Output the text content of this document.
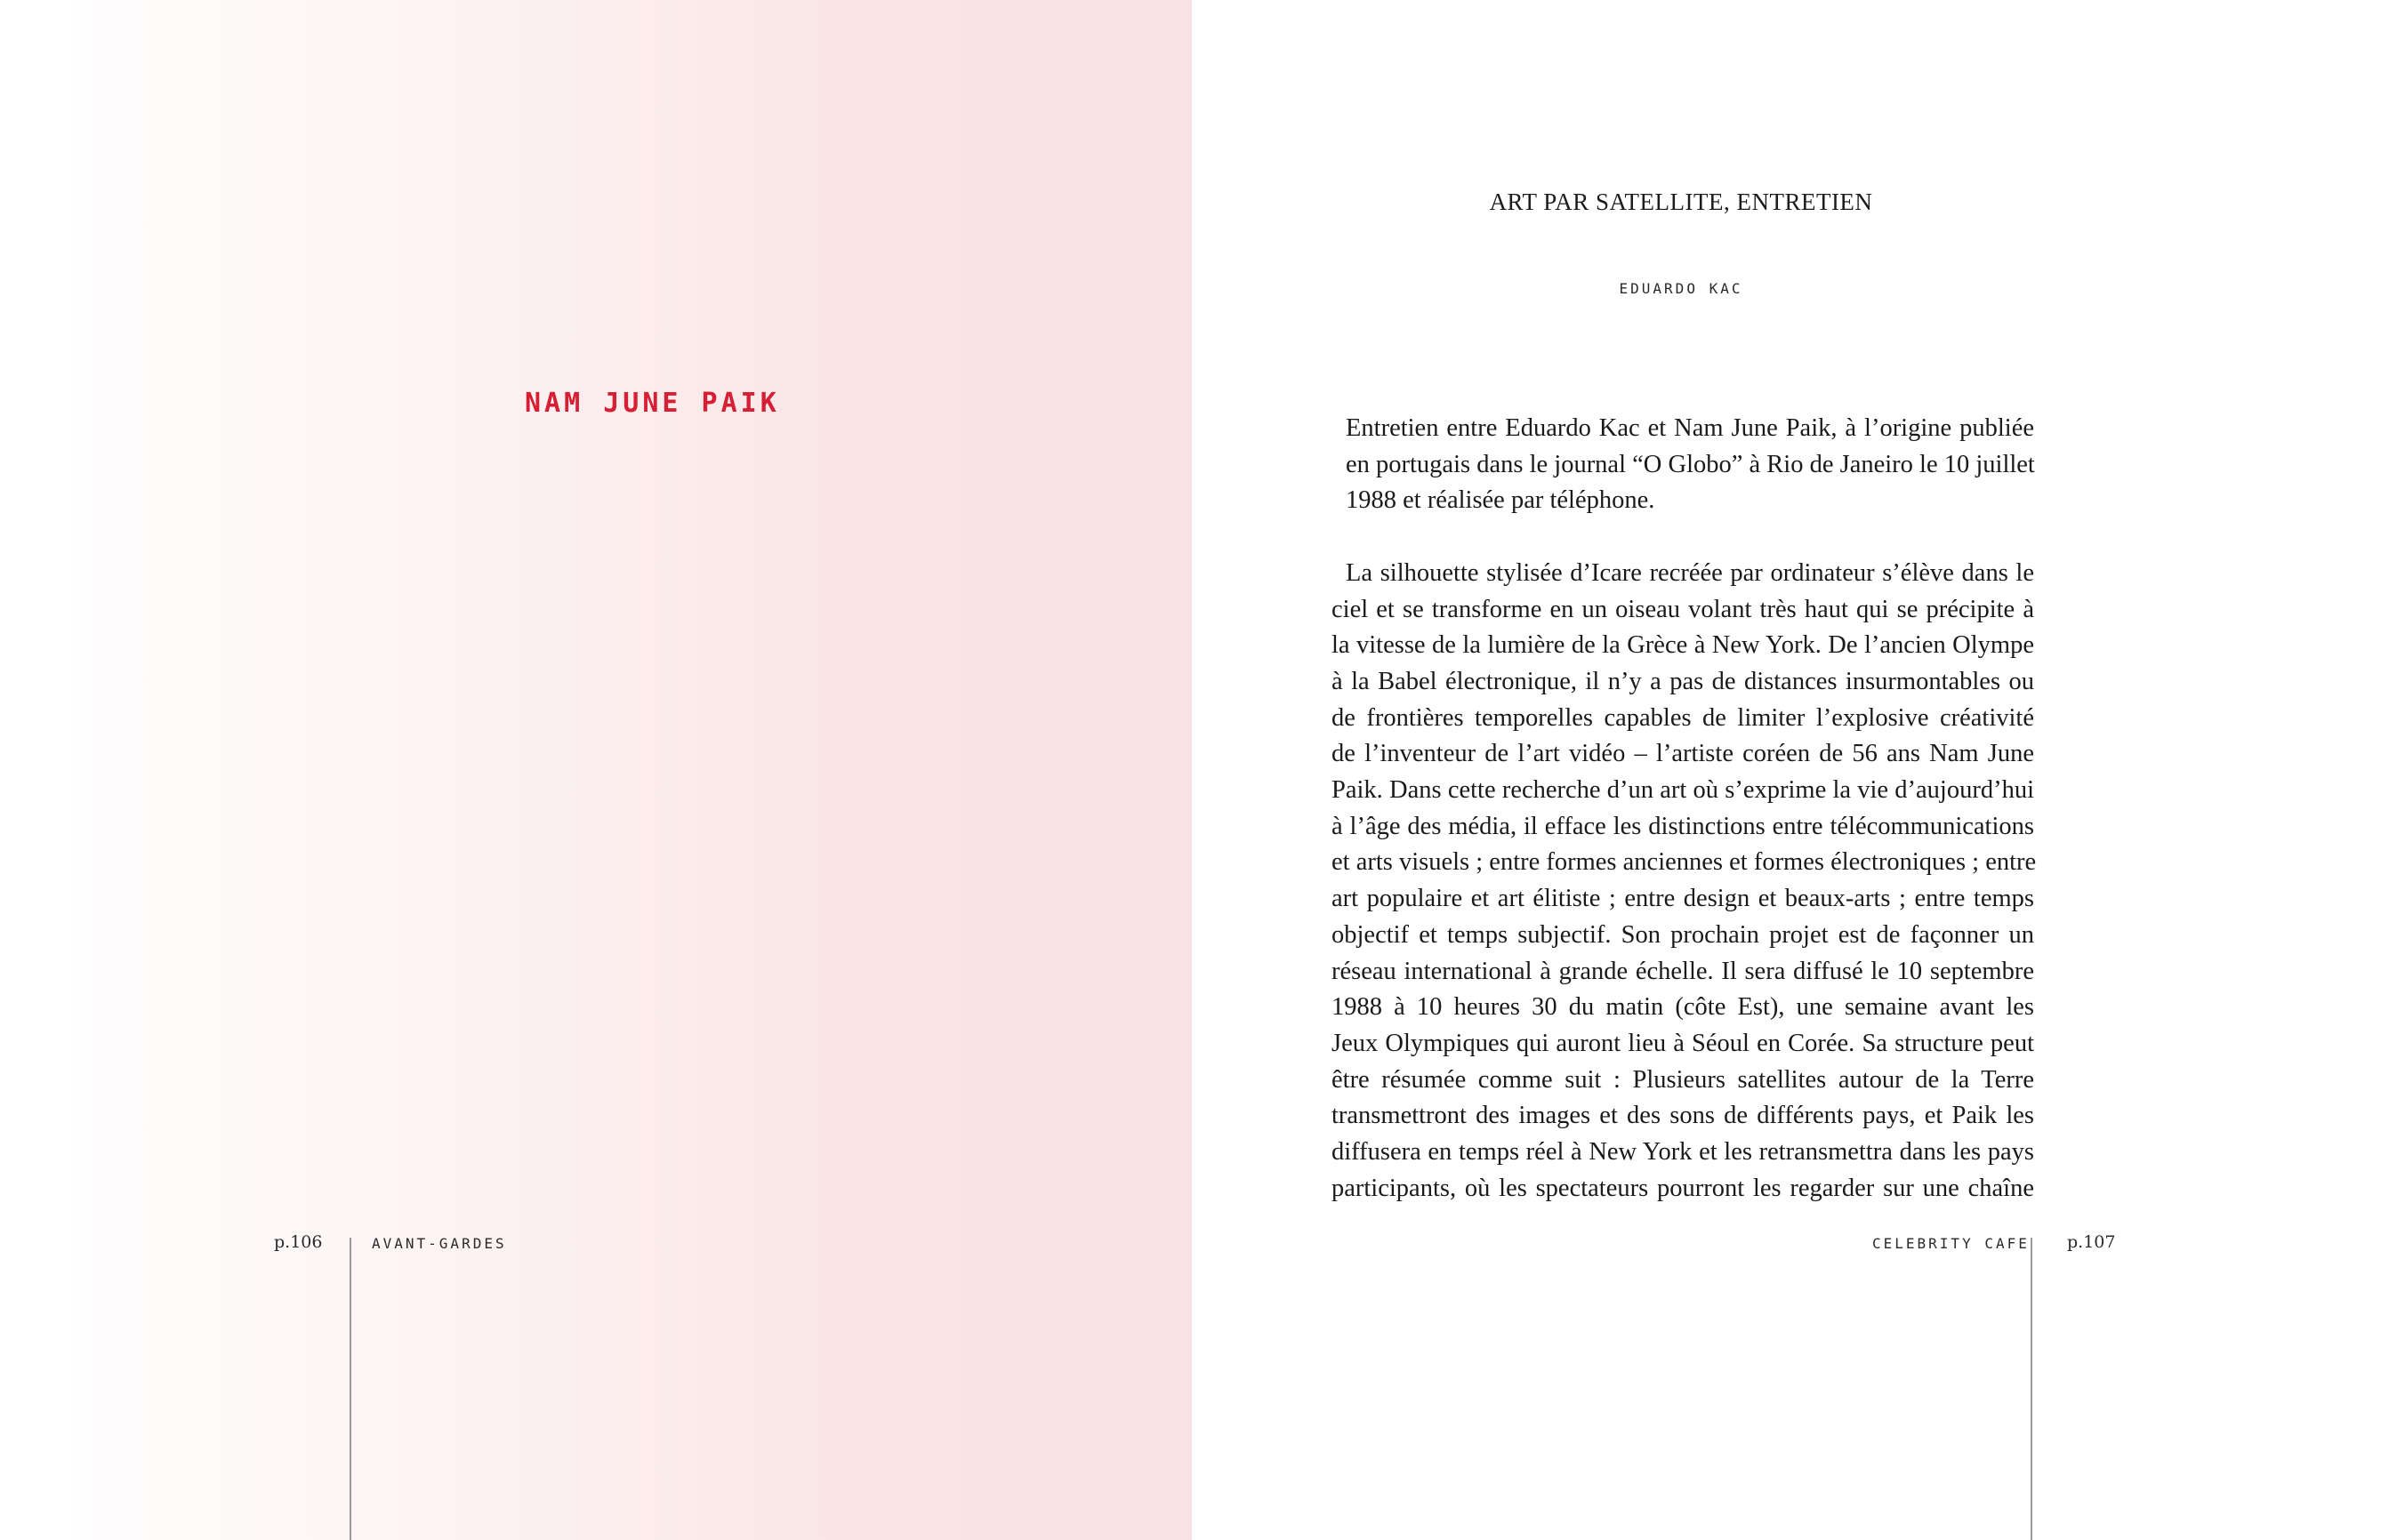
NAM JUNE PAIK
p.106	AVANT-GARDES
ART PAR SATELLITE, ENTRETIEN
EDUARDO KAC
Entretien entre Eduardo Kac et Nam June Paik, à l’origine publiée
en portugais dans le journal “O Globo” à Rio de Janeiro le 10 juillet
1988 et réalisée par téléphone.
La silhouette stylisée d’Icare recréée par ordinateur s’élève dans le
ciel et se transforme en un oiseau volant très haut qui se précipite à
la vitesse de la lumière de la Grèce à New York. De l’ancien Olympe
à la Babel électronique, il n’y a pas de distances insurmontables ou
de frontières temporelles capables de limiter l’explosive créativité
de l’inventeur de l’art vidéo – l’artiste coréen de 56 ans Nam June
Paik. Dans cette recherche d’un art où s’exprime la vie d’aujourd’hui
à l’âge des média, il efface les distinctions entre télécommunications
et arts visuels ; entre formes anciennes et formes électroniques ; entre
art populaire et art élitiste ; entre design et beaux-arts ; entre temps
objectif et temps subjectif. Son prochain projet est de façonner un
réseau international à grande échelle. Il sera diffusé le 10 septembre
1988 à 10 heures 30 du matin (côte Est), une semaine avant les
Jeux Olympiques qui auront lieu à Séoul en Corée. Sa structure peut
être résumée comme suit : Plusieurs satellites autour de la Terre
transmettront des images et des sons de différents pays, et Paik les
diffusera en temps réel à New York et les retransmettra dans les pays
participants, où les spectateurs pourront les regarder sur une chaîne
CELEBRITY CAFE p.107
